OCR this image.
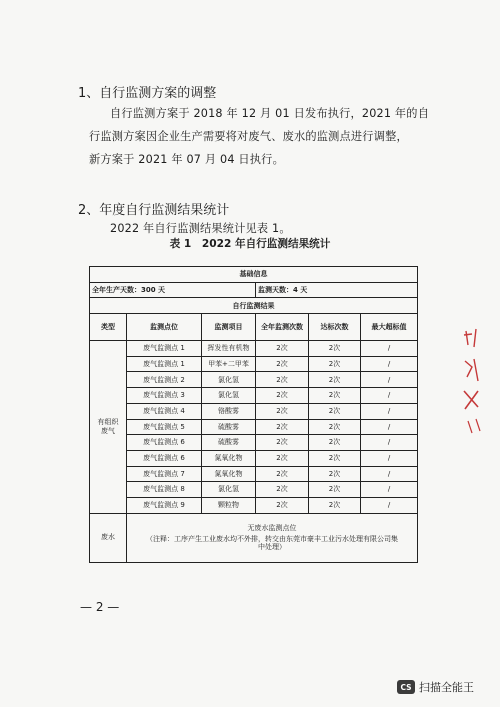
1、自行监测方案的调整
自行监测方案于 2018 年 12 月 01 日发布执行，2021 年的自
行监测方案因企业生产需要将对废气、废水的监测点进行调整，
新方案于 2021 年 07 月 04 日执行。
2、年度自行监测结果统计
2022 年自行监测结果统计见表 1。
表 1　2022 年自行监测结果统计
基础信息					
全年生产天数：300 天			监测天数：4 天		
自行监测结果					
类型	监测点位	监测项目	全年监测次数	达标次数	最大超标值

有组织
废气	废气监测点 1	挥发性有机物	2次	2次	/
	废气监测点 1	甲苯+二甲苯	2次	2次	/
	废气监测点 2	氯化氢	2次	2次	/
	废气监测点 3	氯化氢	2次	2次	/
	废气监测点 4	铬酸雾	2次	2次	/
	废气监测点 5	硫酸雾	2次	2次	/
	废气监测点 6	硫酸雾	2次	2次	/
	废气监测点 6	氮氧化物	2次	2次	/
	废气监测点 7	氮氧化物	2次	2次	/
	废气监测点 8	氯化氢	2次	2次	/
	废气监测点 9	颗粒物	2次	2次	/
废水	无废水监测点位
（注释：工序产生工业废水均不外排，转交由东莞市豪丰工业污水处理有限公司集
中处理）				
— 2 —
CS 扫描全能王
